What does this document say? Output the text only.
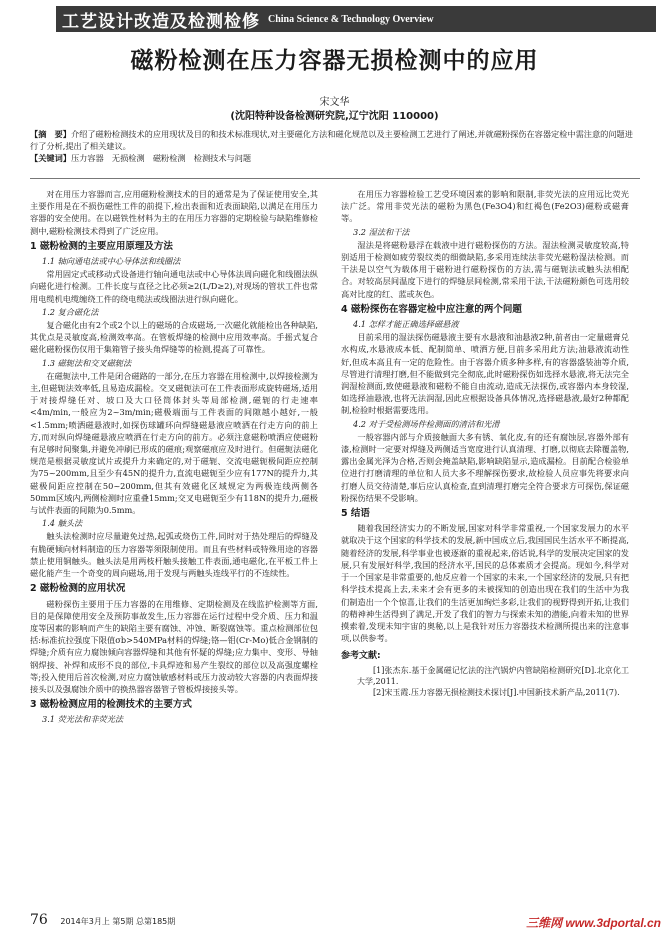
工艺设计改造及检测检修 China Science & Technology Overview
磁粉检测在压力容器无损检测中的应用
宋文华
(沈阳特种设备检测研究院,辽宁沈阳 110000)
【摘　要】介绍了磁粉检测技术的应用现状及目的和技术标准现状,对主要磁化方法和磁化规范以及主要检测工艺进行了阐述,并就磁粉探伤在容器定检中需注意的问题进行了分析,提出了相关建议。
【关键词】压力容器　无损检测　磁粉检测　检测技术与问题

对在用压力容器而言,应用磁粉检测技术的目的通常是为了保证使用安全,其主要作用是在不损伤磁性工件的前提下,检出表面和近表面缺陷,以满足在用压力容器的安全使用。在以磁铁性材料为主的在用压力容器的定期检验与缺陷维修检测中,磁粉检测技术得到了广泛应用。

1 磁粉检测的主要应用原理及方法
1.1 轴向通电法或中心导体法和线圈法

常用固定式或移动式设备进行轴向通电法或中心导体法周向磁化和线圈法纵向磁化进行检测。工件长度与直径之比必须≥2(L/D≥2),对现场的管状工件也常用电缆机电缆缠绕工件的绕电缆法或线圈法进行纵向磁化。

1.2 复合磁化法

复合磁化由有2个或2个以上的磁场的合成磁场,一次磁化就能检出各种缺陷,其优点是灵敏度高,检测效率高。在管板焊缝的检测中应用效率高。手摇式复合磁化磁粉探伤仅用于集箱管子接头角焊缝等的检测,提高了可靠性。

1.3 磁轭法和交叉磁轭法

在磁轭法中,工件是闭合磁路的一部分,在压力容器在用检测中,以焊接检测为主,但磁轭法效率低,且易造成漏检。交叉磁轭法可在工件表面形成旋转磁场,适用于对接焊缝任对、坡口及大口径筒体封头等局部检测,磁轭的行走速率<4m/min,一般应为2~3m/min;磁极端面与工件表面的间隙越小越好,一般<1.5mm;喷洒磁悬液时,如探伤球罐环向焊缝磁悬液应喷洒在行走方向的前上方,而对纵向焊缝磁悬液应喷洒在行走方向的前方。必须注意磁粉喷洒应使磁粉有足够时间聚集,并避免冲刷已形成的磁痕;观察磁痕应及时进行。但磁轭法磁化规范是根据灵敏度试片或提升力来确定的,对于磁轭、交流电磁轭极间距应控制为75~200mm,且至少有45N的提升力,直流电磁轭至少应有177N的提升力,其磁极间距应控制在50~200mm,但其有效磁化区域规定为两极连线两侧各50mm区域内,两侧检测时应重叠15mm;交叉电磁轭至少有118N的提升力,磁极与试件表面的间隙为0.5mm。

1.4 触头法

触头法检测时应尽量避免过热,起弧或烧伤工件,同时对于热处理后的焊缝及有脆硬倾向材料制造的压力容器等须限制使用。而且有些材料或特殊用途的容器禁止使用铜触头。触头法是用两枝杆触头接触工件表面,通电磁化,在平板工件上磁化能产生一个奇变的周向磁场,用于发现与两触头连线平行的不连续性。

2 磁粉检测的应用状况

磁粉探伤主要用于压力容器的在用维修、定期检测及在线监护检测等方面,目的是保障使用安全及预防事故发生,压力容器在运行过程中受介质、压力和温度等因素的影响而产生的缺陷主要有腐蚀、冲蚀、断裂腐蚀等。重点检测部位包括:标准抗拉强度下限值σb>540MPa材料的焊缝;铬—钼(Cr-Mo)低合金钢制的焊缝;介质有应力腐蚀倾向容器焊缝和其他有怀疑的焊缝;应力集中、变形、导轴钢焊接、补焊和成形不良的部位,卡具焊迹和易产生裂纹的部位以及高强度螺栓等;投入使用后首次检测,对应力腐蚀敏感材料或压力波动较大容器的内表面焊接接头以及强腐蚀介质中的换热器容器管子管板焊接接头等。

3 磁粉检测应用的检测技术的主要方式
3.1 荧光法和非荧光法

在用压力容器检验工艺受环境因素的影响和限制,非荧光法的应用远比荧光法广泛。常用非荧光法的磁粉为黑色(Fe3O4)和红褐色(Fe2O3)磁粉或磁膏等。

3.2 湿法和干法

湿法是将磁粉悬浮在载液中进行磁粉探伤的方法。湿法检测灵敏度较高,特别适用于检测如疲劳裂纹类的细微缺陷,多采用连续法非荧光磁粉湿法检测。而干法是以空气为载体用于磁粉进行磁粉探伤的方法,需与磁轭法或触头法相配合。对较高层间温度下进行的焊缝层间检测,常采用干法,干法磁粉颜色可选用较高对比度的红、蓝或灰色。

4 磁粉探伤在容器定检中应注意的两个问题
4.1 怎样才能正确选择磁悬液

目前采用的湿法探伤磁悬液主要有水悬液和油悬液2种,前者由一定量磁膏兑水构成,水悬液成本低、配制简单、喷洒方便,目前多采用此方法;油悬液流动性好,但成本高且有一定的危险性。由于容器介质多种多样,有的容器盛装油等介质,尽管进行清理打磨,但不能做到完全彻底,此时磁粉探伤如选择水悬液,将无法完全润湿检测面,致使磁悬液和磁粉不能自由流动,造成无法探伤,或容器内本身较湿,如选择油悬液,也将无法润湿,因此应根据设备具体情况,选择磁悬液,最好2种都配制,检验时根据需要选用。

4.2 对于受检测场件检测面的清洁和光滑

一般容器内部与介质接触面大多有锈、氧化皮,有的还有腐蚀层,容器外部有漆,检测时一定要对焊缝及两侧适当宽度进行认真清理、打磨,以彻底去除覆盖物,露出金属光泽为合格,否则会掩盖缺陷,影响缺陷显示,造成漏检。目前配合检验单位进行打磨清理的单位和人员大多不理解探伤要求,故检验人员应事先将要求向打磨人员交待清楚,事后应认真检查,直到清理打磨完全符合要求方可探伤,保证磁粉探伤结果不受影响。

5 结语

随着我国经济实力的不断发展,国家对科学非常重视,一个国家发展力的水平就取决于这个国家的科学技术的发展,新中国成立后,我国国民生活水平不断提高,随着经济的发展,科学事业也被逐渐的重视起来,俗话说,科学的发展决定国家的发展,只有发展好科学,我国的经济水平,国民的总体素质才会提高。现如今,科学对于一个国家是非常重要的,他反应着一个国家的未来,一个国家经济的发展,只有把科学技术提高上去,未来才会有更多的未被探知的创造出现在我们的生活中为我们制造出一个个惊喜,让我们的生活更加绚烂多彩,让我们的视野得到开拓,让我们的精神神生活得到了满足,开发了我们的智力与探索未知的潜能,向着未知的世界摸索着,发现未知宇宙的奥秘,以上是我针对压力容器技术检测所提出来的注意事项,以供参考。

参考文献:

[1]张杰东.基于金属磁记忆法的注汽锅炉内管缺陷检测研究[D].北京化工大学,2011.

[2]宋玉霞.压力容器无损检测技术探讨[J].中国新技术新产品,2011(7).

76 2014年3月上 第5期 总第185期	三维网 www.3dportal.cn
